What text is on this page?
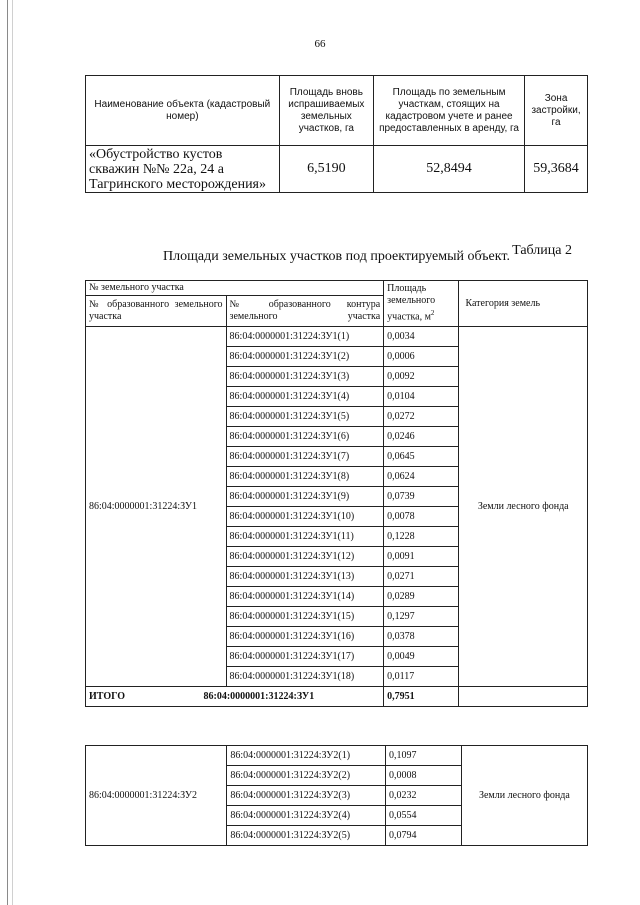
66
Наименование объекта (кадастровый номер)	Площадь вновь испрашиваемых земельных участков, га	Площадь по земельным участкам, стоящих на кадастровом учете и ранее предоставленных в аренду, га	Зона застройки, га
«Обустройство кустов скважин №№ 22а, 24 а Тагринского месторождения»	6,5190	52,8494	59,3684
Таблица 2
Площади земельных участков под проектируемый объект.
№ земельного участка		Площадь земельного участка, $м^2$	Категория земель
№ образованного земельного участка	№ образованного контура земельного участка		
86:04:0000001:31224:ЗУ1	86:04:0000001:31224:ЗУ1(1)	0,0034	Земли лесного фонда
	86:04:0000001:31224:ЗУ1(2)	0,0006	
	86:04:0000001:31224:ЗУ1(3)	0,0092	
	86:04:0000001:31224:ЗУ1(4)	0,0104	
	86:04:0000001:31224:ЗУ1(5)	0,0272	
	86:04:0000001:31224:ЗУ1(6)	0,0246	
	86:04:0000001:31224:ЗУ1(7)	0,0645	
	86:04:0000001:31224:ЗУ1(8)	0,0624	
	86:04:0000001:31224:ЗУ1(9)	0,0739	
	86:04:0000001:31224:ЗУ1(10)	0,0078	
	86:04:0000001:31224:ЗУ1(11)	0,1228	
	86:04:0000001:31224:ЗУ1(12)	0,0091	
	86:04:0000001:31224:ЗУ1(13)	0,0271	
	86:04:0000001:31224:ЗУ1(14)	0,0289	
	86:04:0000001:31224:ЗУ1(15)	0,1297	
	86:04:0000001:31224:ЗУ1(16)	0,0378	
	86:04:0000001:31224:ЗУ1(17)	0,0049	
	86:04:0000001:31224:ЗУ1(18)	0,0117	
ИТОГО 86:04:0000001:31224:ЗУ1		0,7951	
86:04:0000001:31224:ЗУ2	86:04:0000001:31224:ЗУ2(1)	0,1097	Земли лесного фонда
	86:04:0000001:31224:ЗУ2(2)	0,0008	
	86:04:0000001:31224:ЗУ2(3)	0,0232	
	86:04:0000001:31224:ЗУ2(4)	0,0554	
	86:04:0000001:31224:ЗУ2(5)	0,0794	
